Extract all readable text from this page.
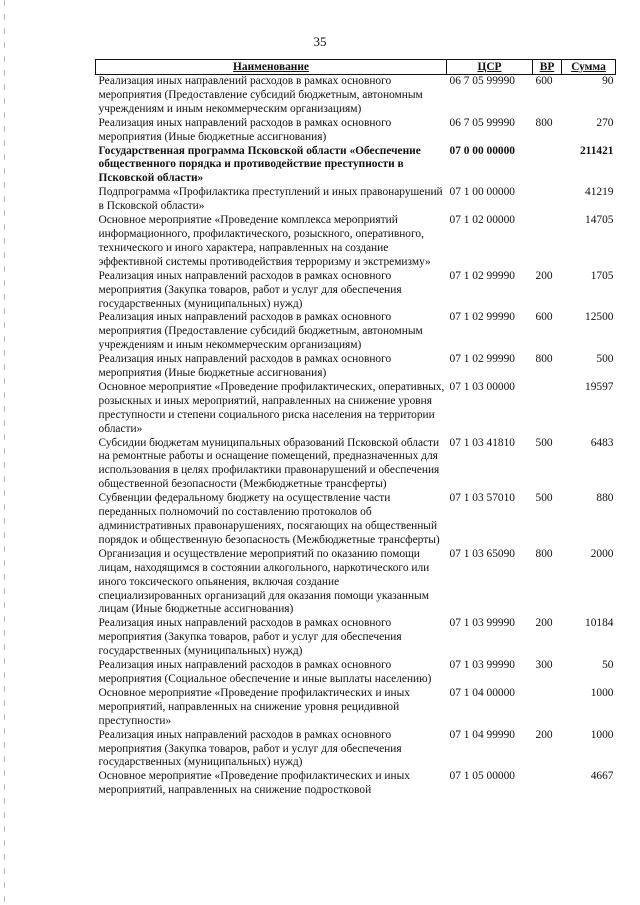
35
Наименование	ЦСР	ВР	Сумма
Реализация иных направлений расходов в рамках основного мероприятия (Предоставление субсидий бюджетным, автономным учреждениям и иным некоммерческим организациям)	06 7 05 99990	600	90
Реализация иных направлений расходов в рамках основного мероприятия (Иные бюджетные ассигнования)	06 7 05 99990	800	270
Государственная программа Псковской области «Обеспечение общественного порядка и противодействие преступности в Псковской области»	07 0 00 00000		211421
Подпрограмма «Профилактика преступлений и иных правонарушений в Псковской области»	07 1 00 00000		41219
Основное мероприятие «Проведение комплекса мероприятий информационного, профилактического, розыскного, оперативного, технического и иного характера, направленных на создание эффективной системы противодействия терроризму и экстремизму»	07 1 02 00000		14705
Реализация иных направлений расходов в рамках основного мероприятия (Закупка товаров, работ и услуг для обеспечения государственных (муниципальных) нужд)	07 1 02 99990	200	1705
Реализация иных направлений расходов в рамках основного мероприятия (Предоставление субсидий бюджетным, автономным учреждениям и иным некоммерческим организациям)	07 1 02 99990	600	12500
Реализация иных направлений расходов в рамках основного мероприятия (Иные бюджетные ассигнования)	07 1 02 99990	800	500
Основное мероприятие «Проведение профилактических, оперативных, розыскных и иных мероприятий, направленных на снижение уровня преступности и степени социального риска населения на территории области»	07 1 03 00000		19597
Субсидии бюджетам муниципальных образований Псковской области на ремонтные работы и оснащение помещений, предназначенных для использования в целях профилактики правонарушений и обеспечения общественной безопасности (Межбюджетные трансферты)	07 1 03 41810	500	6483
Субвенции федеральному бюджету на осуществление части переданных полномочий по составлению протоколов об административных правонарушениях, посягающих на общественный порядок и общественную безопасность (Межбюджетные трансферты)	07 1 03 57010	500	880
Организация и осуществление мероприятий по оказанию помощи лицам, находящимся в состоянии алкогольного, наркотического или иного токсического опьянения, включая создание специализированных организаций для оказания помощи указанным лицам (Иные бюджетные ассигнования)	07 1 03 65090	800	2000
Реализация иных направлений расходов в рамках основного мероприятия (Закупка товаров, работ и услуг для обеспечения государственных (муниципальных) нужд)	07 1 03 99990	200	10184
Реализация иных направлений расходов в рамках основного мероприятия (Социальное обеспечение и иные выплаты населению)	07 1 03 99990	300	50
Основное мероприятие «Проведение профилактических и иных мероприятий, направленных на снижение уровня рецидивной преступности»	07 1 04 00000		1000
Реализация иных направлений расходов в рамках основного мероприятия (Закупка товаров, работ и услуг для обеспечения государственных (муниципальных) нужд)	07 1 04 99990	200	1000
Основное мероприятие «Проведение профилактических и иных мероприятий, направленных на снижение подростковой	07 1 05 00000		4667
